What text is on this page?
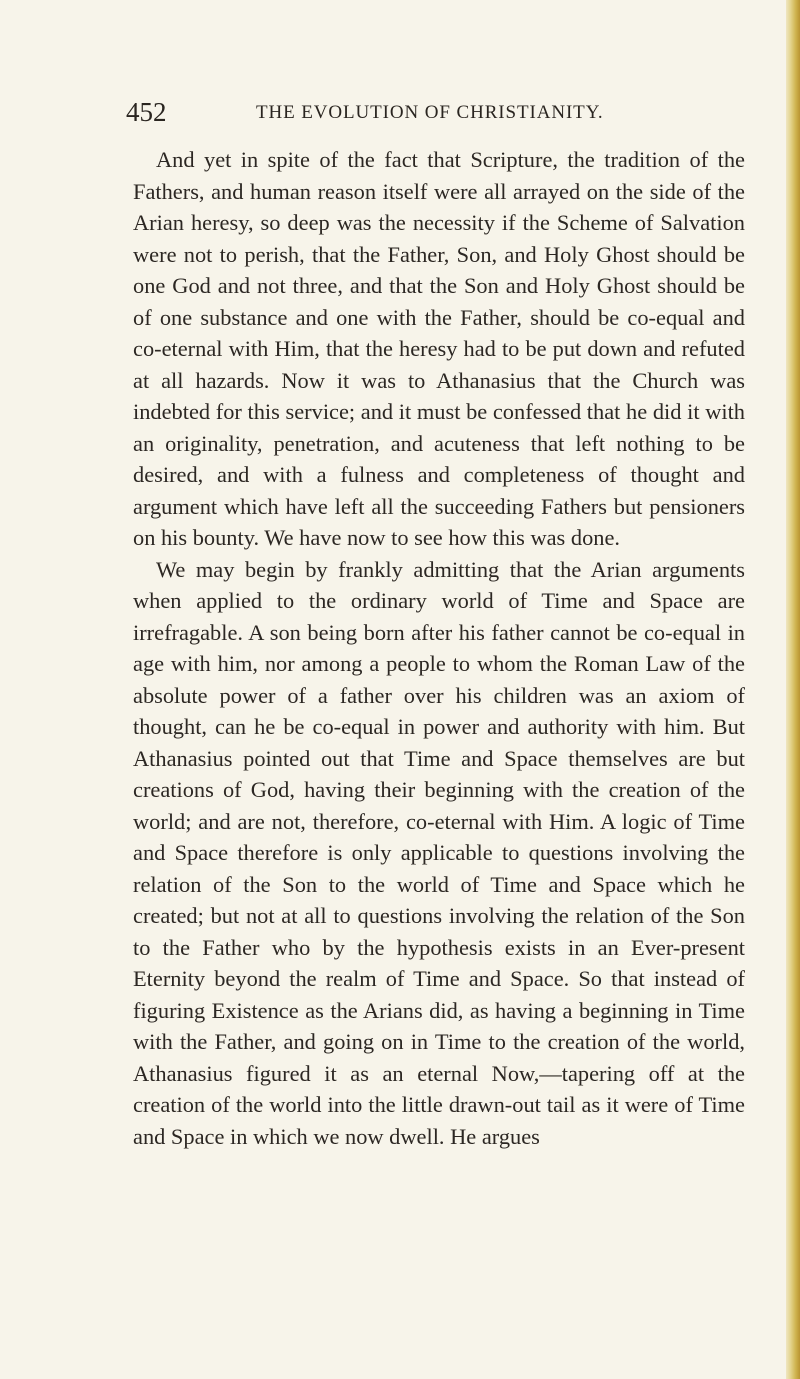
452	THE EVOLUTION OF CHRISTIANITY.

And yet in spite of the fact that Scripture, the tradition of the Fathers, and human reason itself were all arrayed on the side of the Arian heresy, so deep was the necessity if the Scheme of Salvation were not to perish, that the Father, Son, and Holy Ghost should be one God and not three, and that the Son and Holy Ghost should be of one substance and one with the Father, should be co-equal and co-eternal with Him, that the heresy had to be put down and refuted at all hazards. Now it was to Athanasius that the Church was indebted for this service; and it must be confessed that he did it with an originality, penetration, and acuteness that left nothing to be desired, and with a fulness and completeness of thought and argument which have left all the succeeding Fathers but pensioners on his bounty. We have now to see how this was done.

We may begin by frankly admitting that the Arian arguments when applied to the ordinary world of Time and Space are irrefragable. A son being born after his father cannot be co-equal in age with him, nor among a people to whom the Roman Law of the absolute power of a father over his children was an axiom of thought, can he be co-equal in power and authority with him. But Athanasius pointed out that Time and Space themselves are but creations of God, having their beginning with the creation of the world; and are not, therefore, co-eternal with Him. A logic of Time and Space therefore is only applicable to questions involving the relation of the Son to the world of Time and Space which he created; but not at all to questions involving the relation of the Son to the Father who by the hypothesis exists in an Ever-present Eternity beyond the realm of Time and Space. So that instead of figuring Existence as the Arians did, as having a beginning in Time with the Father, and going on in Time to the creation of the world, Athanasius figured it as an eternal Now,—tapering off at the creation of the world into the little drawn-out tail as it were of Time and Space in which we now dwell. He argues
